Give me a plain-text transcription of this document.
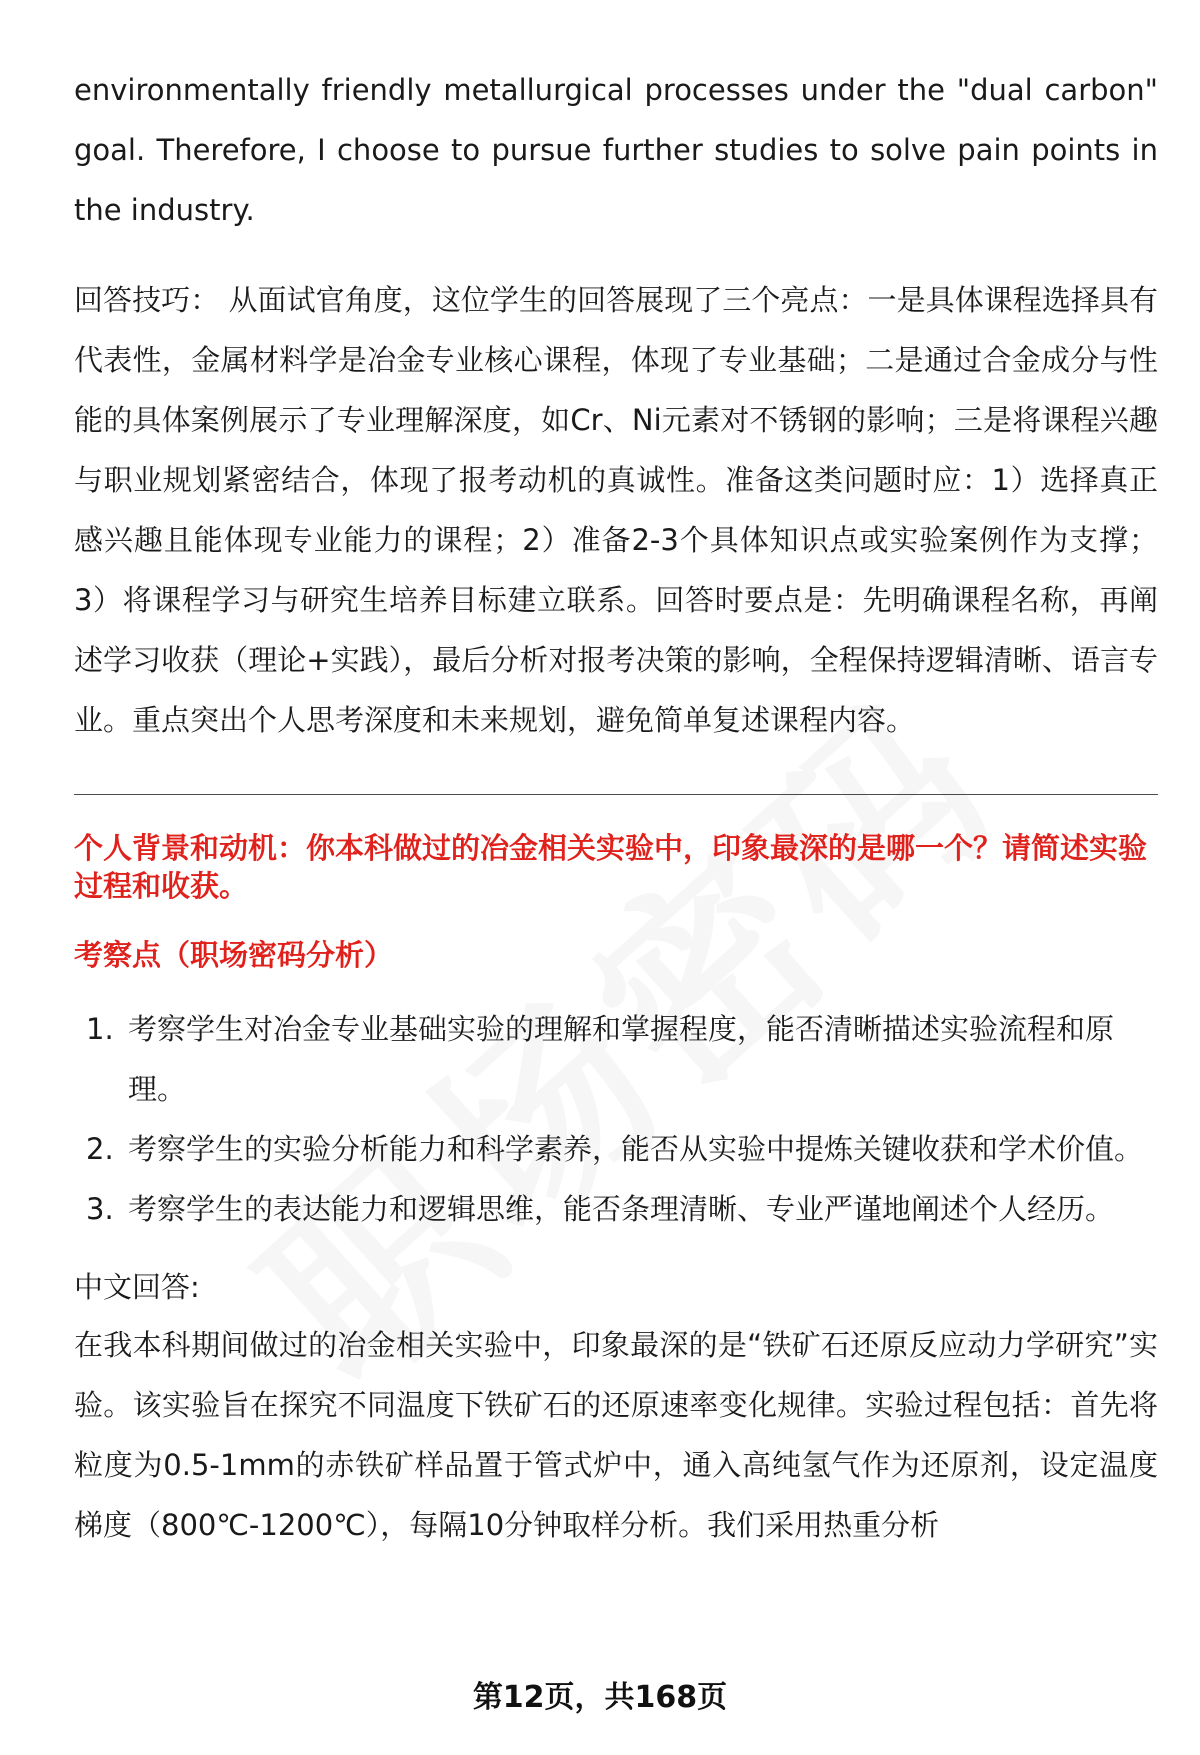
environmentally friendly metallurgical processes under the "dual carbon" goal. Therefore, I choose to pursue further studies to solve pain points in the industry.

回答技巧： 从面试官角度，这位学生的回答展现了三个亮点：一是具体课程选择具有代表性，金属材料学是冶金专业核心课程，体现了专业基础；二是通过合金成分与性能的具体案例展示了专业理解深度，如Cr、Ni元素对不锈钢的影响；三是将课程兴趣与职业规划紧密结合，体现了报考动机的真诚性。准备这类问题时应：1）选择真正感兴趣且能体现专业能力的课程；2）准备2-3个具体知识点或实验案例作为支撑；3）将课程学习与研究生培养目标建立联系。回答时要点是：先明确课程名称，再阐述学习收获（理论+实践），最后分析对报考决策的影响，全程保持逻辑清晰、语言专业。重点突出个人思考深度和未来规划，避免简单复述课程内容。

个人背景和动机：你本科做过的冶金相关实验中，印象最深的是哪一个？请简述实验过程和收获。

考察点（职场密码分析）

1. 考察学生对冶金专业基础实验的理解和掌握程度，能否清晰描述实验流程和原理。
2. 考察学生的实验分析能力和科学素养，能否从实验中提炼关键收获和学术价值。
3. 考察学生的表达能力和逻辑思维，能否条理清晰、专业严谨地阐述个人经历。

中文回答:

在我本科期间做过的冶金相关实验中，印象最深的是“铁矿石还原反应动力学研究”实验。该实验旨在探究不同温度下铁矿石的还原速率变化规律。实验过程包括：首先将粒度为0.5-1mm的赤铁矿样品置于管式炉中，通入高纯氢气作为还原剂，设定温度梯度（800℃-1200℃），每隔10分钟取样分析。我们采用热重分析

第12页，共168页
